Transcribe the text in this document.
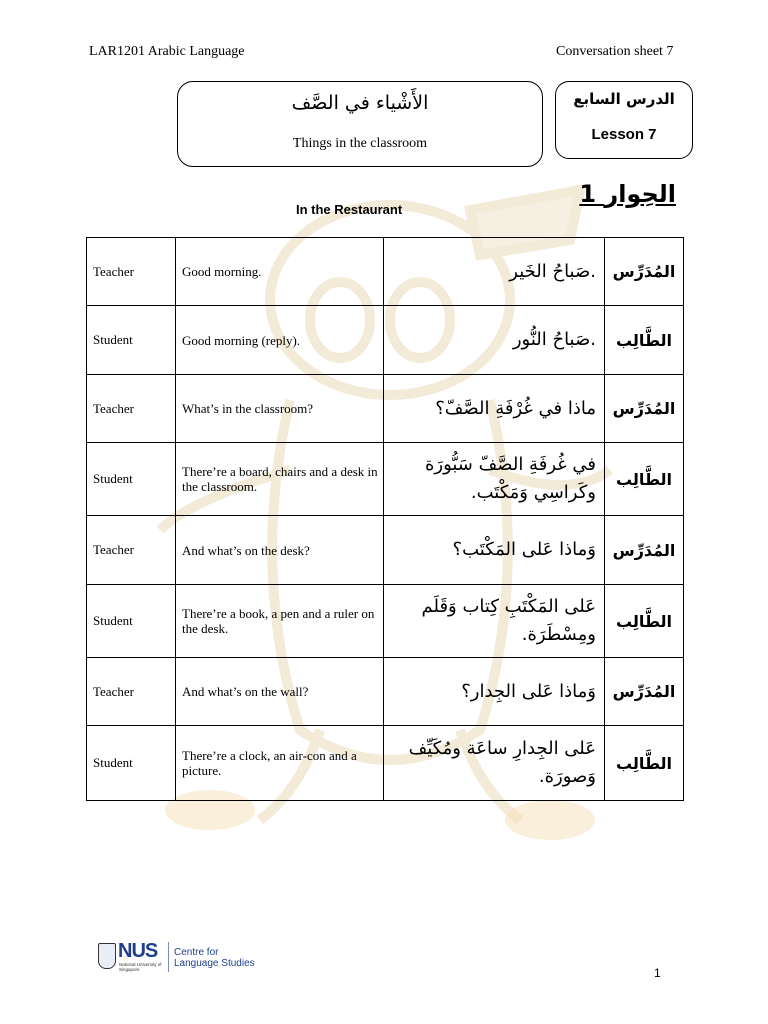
LAR1201 Arabic Language	Conversation sheet 7
الأَشْياء في الصَّف
Things in the classroom
الدرس السابع
Lesson 7
الحِوار 1
In the Restaurant
Teacher	Good morning.	.صَباحُ الخَير	المُدَرِّس
Student	Good morning (reply).	.صَباحُ النُّور	الطَّالِب
Teacher	What’s in the classroom?	ماذا في غُرْفَةِ الصَّفّ؟	المُدَرِّس
Student	There’re a board, chairs and a desk in the classroom.	في غُرفَةِ الصَّفّ سَبُّورَة وكَراسِي وَمَكْتَب.	الطَّالِب
Teacher	And what’s on the desk?	وَماذا عَلى المَكْتَب؟	المُدَرِّس
Student	There’re a book, a pen and a ruler on the desk.	عَلى المَكْتَبِ كِتاب وَقَلَم ومِسْطَرَة.	الطَّالِب
Teacher	And what’s on the wall?	وَماذا عَلى الجِدار؟	المُدَرِّس
Student	There’re a clock, an air-con and a picture.	عَلى الجِدارِ ساعَة ومُكَيِّف وَصورَة.	الطَّالِب
NUS
National University of Singapore
Centre for Language Studies
1
